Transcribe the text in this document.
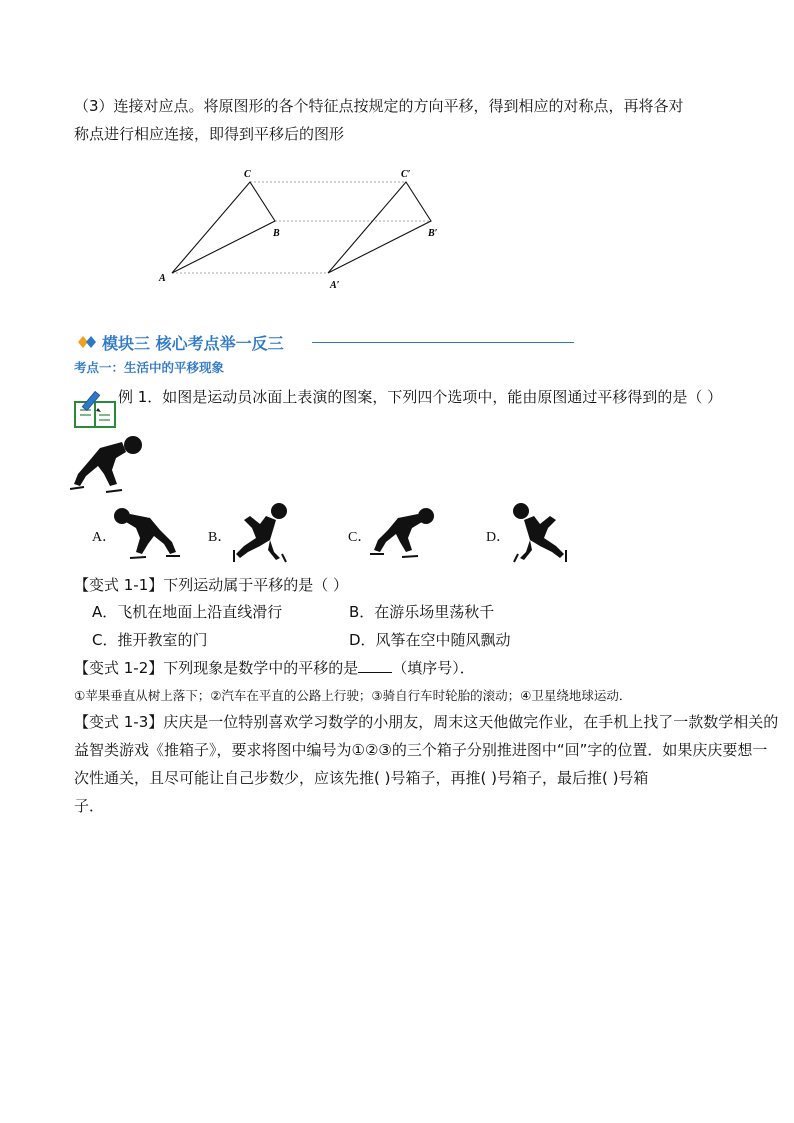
（3）连接对应点。将原图形的各个特征点按规定的方向平移，得到相应的对称点，再将各对
称点进行相应连接，即得到平移后的图形
C	C′
B	B′
A
A′
模块三 核心考点举一反三
考点一：生活中的平移现象
例 1．如图是运动员冰面上表演的图案，下列四个选项中，能由原图通过平移得到的是（ ）
A．	B．	C．	D．
【变式 1-1】下列运动属于平移的是（ ）
A．飞机在地面上沿直线滑行	B．在游乐场里荡秋千
C．推开教室的门	D．风筝在空中随风飘动
【变式 1-2】下列现象是数学中的平移的是 （填序号）．
①苹果垂直从树上落下；②汽车在平直的公路上行驶；③骑自行车时轮胎的滚动；④卫星绕地球运动．
【变式 1-3】庆庆是一位特别喜欢学习数学的小朋友，周末这天他做完作业，在手机上找了一款数学相关的
益智类游戏《推箱子》，要求将图中编号为①②③的三个箱子分别推进图中“回”字的位置．如果庆庆要想一
次性通关，且尽可能让自己步数少，应该先推( )号箱子，再推( )号箱子，最后推( )号箱
子．
